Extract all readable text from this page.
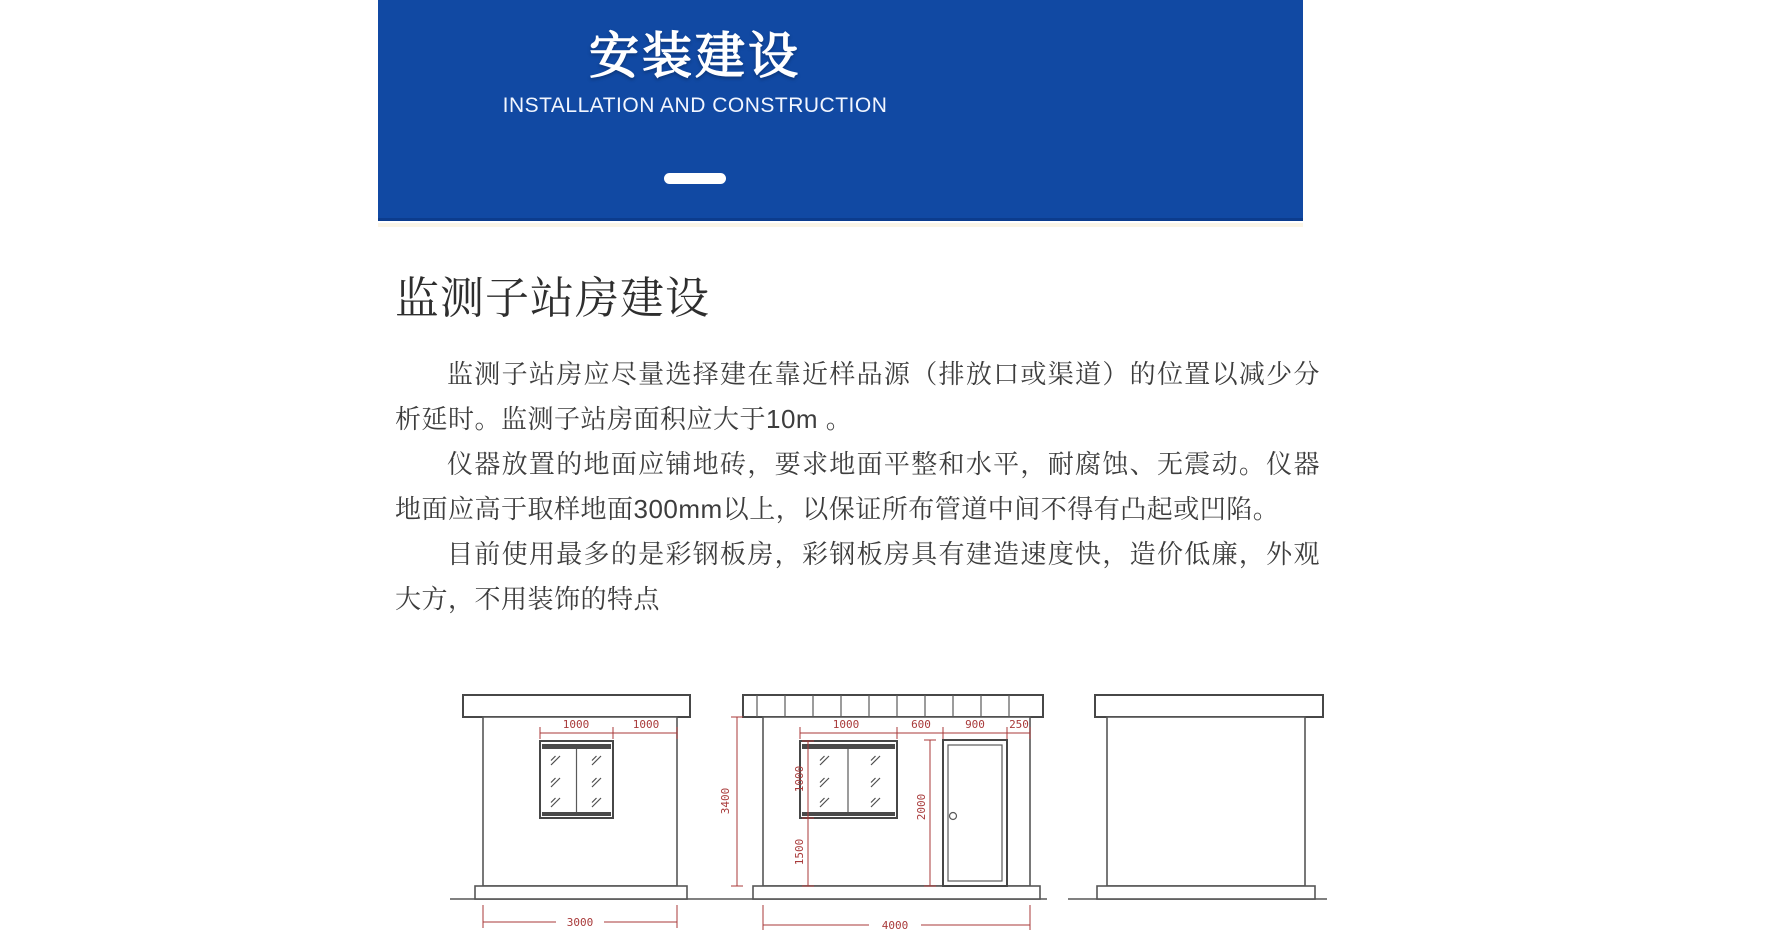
安装建设

INSTALLATION AND CONSTRUCTION

监测子站房建设

监测子站房应尽量选择建在靠近样品源（排放口或渠道）的位置以减少分析延时。监测子站房面积应大于10m 。

仪器放置的地面应铺地砖，要求地面平整和水平，耐腐蚀、无震动。仪器地面应高于取样地面300mm以上，以保证所布管道中间不得有凸起或凹陷。

目前使用最多的是彩钢板房，彩钢板房具有建造速度快，造价低廉，外观大方，不用装饰的特点

1000	1000
3000
1000	600	900 250
3400
1000
1500
2000
4000
